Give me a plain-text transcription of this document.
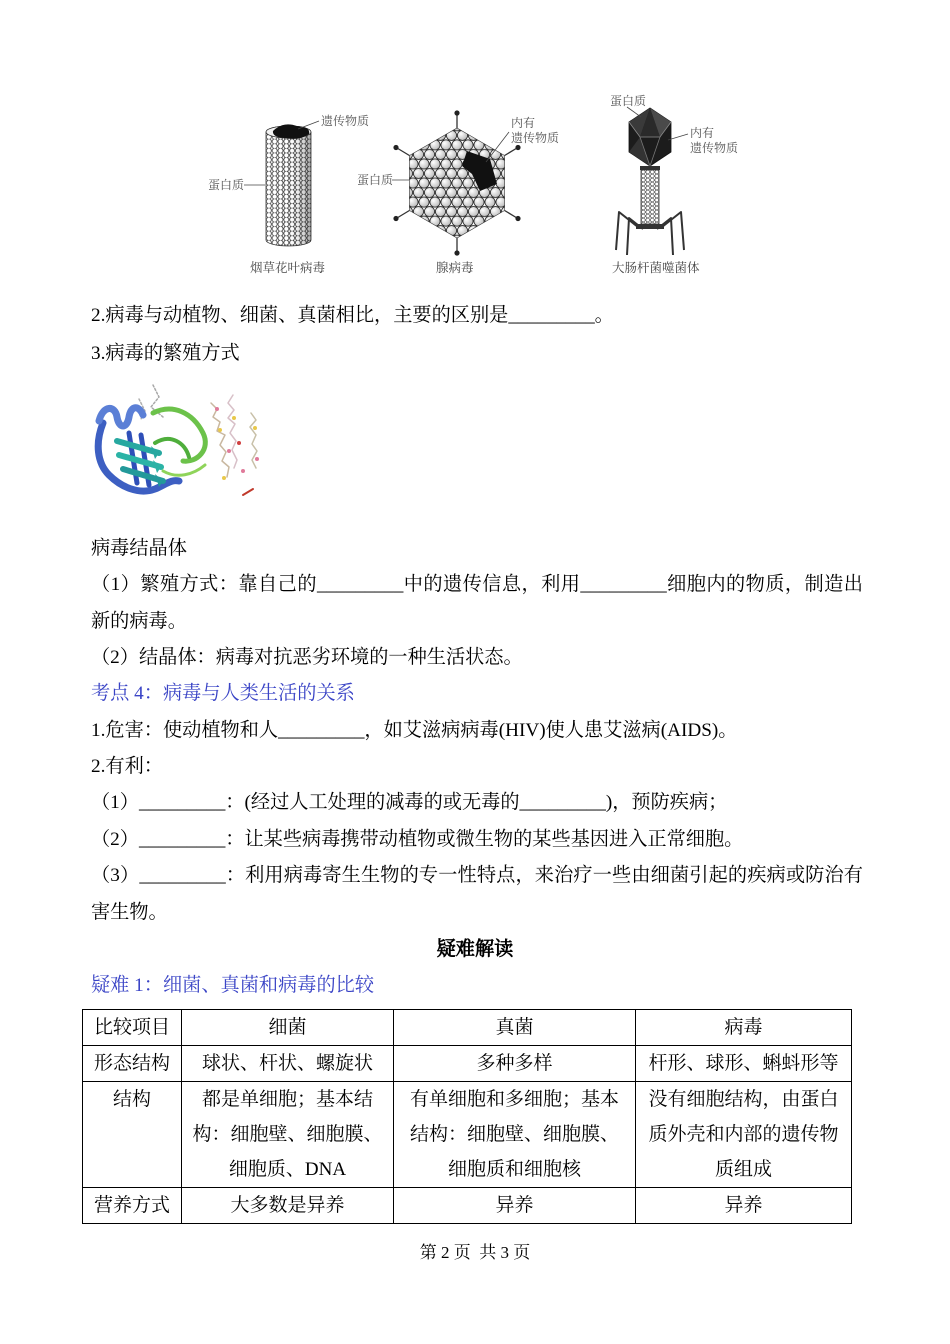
遗传物质
蛋白质
烟草花叶病毒
蛋白质
内有
遗传物质
腺病毒
蛋白质
内有
遗传物质
大肠杆菌噬菌体
2.病毒与动植物、细菌、真菌相比，主要的区别是_________。
3.病毒的繁殖方式
病毒结晶体
（1）繁殖方式：靠自己的_________中的遗传信息，利用_________细胞内的物质，制造出新的病毒。
（2）结晶体：病毒对抗恶劣环境的一种生活状态。
考点 4：病毒与人类生活的关系
1.危害：使动植物和人_________，如艾滋病病毒(HIV)使人患艾滋病(AIDS)。
2.有利：
（1）_________：(经过人工处理的减毒的或无毒的_________)，预防疾病；
（2）_________：让某些病毒携带动植物或微生物的某些基因进入正常细胞。
（3）_________：利用病毒寄生生物的专一性特点，来治疗一些由细菌引起的疾病或防治有害生物。
疑难解读
疑难 1：细菌、真菌和病毒的比较
比较项目	细菌	真菌	病毒
形态结构	球状、杆状、螺旋状	多种多样	杆形、球形、蝌蚪形等
结构	都是单细胞；基本结构：细胞壁、细胞膜、细胞质、DNA	有单细胞和多细胞；基本结构：细胞壁、细胞膜、细胞质和细胞核	没有细胞结构，由蛋白质外壳和内部的遗传物质组成
营养方式	大多数是异养	异养	异养
第 2 页  共 3 页
